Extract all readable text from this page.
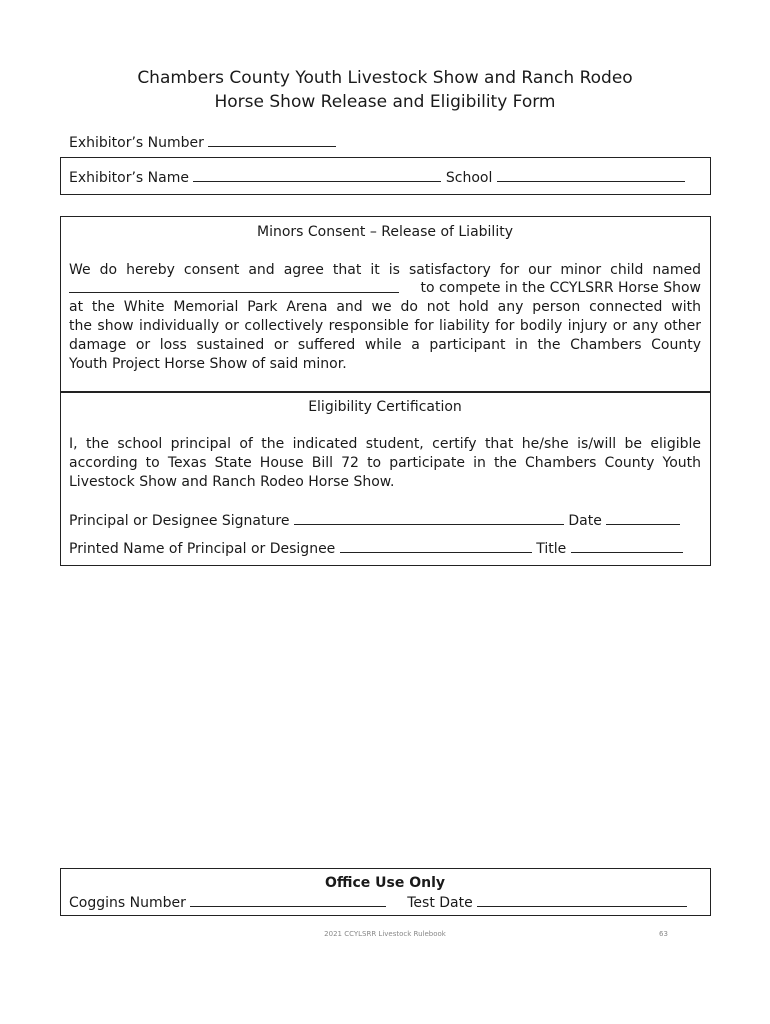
Chambers County Youth Livestock Show and Ranch Rodeo
Horse Show Release and Eligibility Form
Exhibitor’s Number
Exhibitor’s Name	School
Minors Consent – Release of Liability
We do hereby consent and agree that it is satisfactory for our minor child named
to compete in the CCYLSRR Horse Show
at the White Memorial Park Arena and we do not hold any person connected with
the show individually or collectively responsible for liability for bodily injury or any other
damage or loss sustained or suffered while a participant in the Chambers County
Youth Project Horse Show of said minor.
Eligibility Certification
I, the school principal of the indicated student, certify that he/she is/will be eligible
according to Texas State House Bill 72 to participate in the Chambers County Youth
Livestock Show and Ranch Rodeo Horse Show.
Principal or Designee Signature	Date
Printed Name of Principal or Designee	Title
Office Use Only
Coggins Number	Test Date
2021 CCYLSRR Livestock Rulebook	63
